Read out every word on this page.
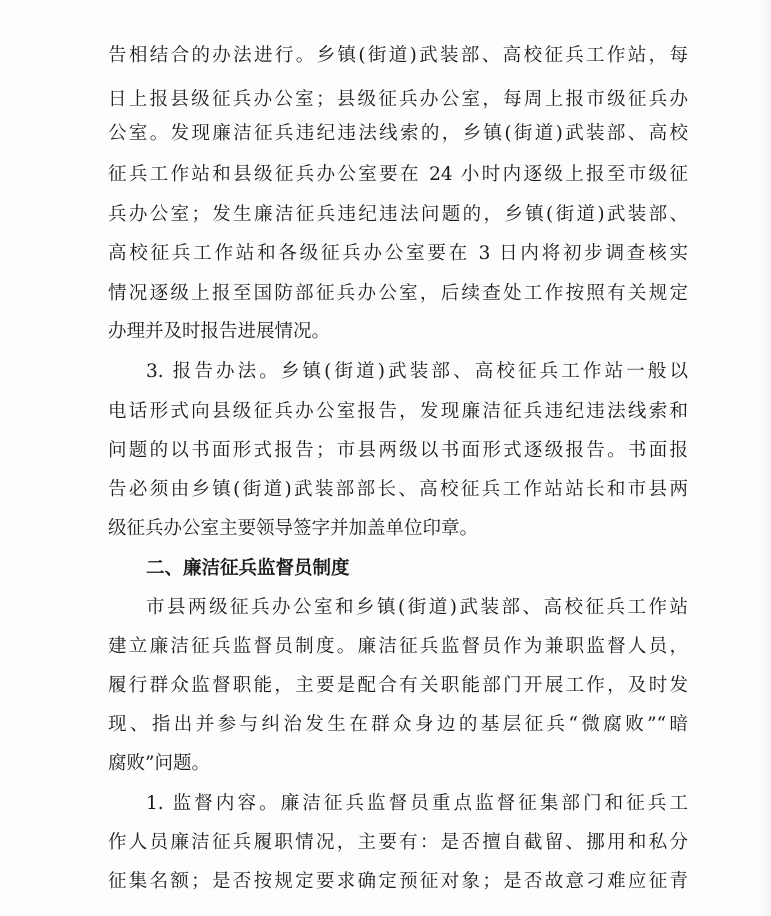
告相结合的办法进行。乡镇(街道)武装部、高校征兵工作站，每
日上报县级征兵办公室；县级征兵办公室，每周上报市级征兵办
公室。发现廉洁征兵违纪违法线索的，乡镇(街道)武装部、高校
征兵工作站和县级征兵办公室要在 24 小时内逐级上报至市级征
兵办公室；发生廉洁征兵违纪违法问题的，乡镇(街道)武装部、
高校征兵工作站和各级征兵办公室要在 3 日内将初步调查核实
情况逐级上报至国防部征兵办公室，后续查处工作按照有关规定
办理并及时报告进展情况。
3. 报告办法。乡镇(街道)武装部、高校征兵工作站一般以
电话形式向县级征兵办公室报告，发现廉洁征兵违纪违法线索和
问题的以书面形式报告；市县两级以书面形式逐级报告。书面报
告必须由乡镇(街道)武装部部长、高校征兵工作站站长和市县两
级征兵办公室主要领导签字并加盖单位印章。
二、廉洁征兵监督员制度
市县两级征兵办公室和乡镇(街道)武装部、高校征兵工作站
建立廉洁征兵监督员制度。廉洁征兵监督员作为兼职监督人员，
履行群众监督职能，主要是配合有关职能部门开展工作，及时发
现、指出并参与纠治发生在群众身边的基层征兵“微腐败”“暗
腐败”问题。
1. 监督内容。廉洁征兵监督员重点监督征集部门和征兵工
作人员廉洁征兵履职情况，主要有：是否擅自截留、挪用和私分
征集名额；是否按规定要求确定预征对象；是否故意刁难应征青
